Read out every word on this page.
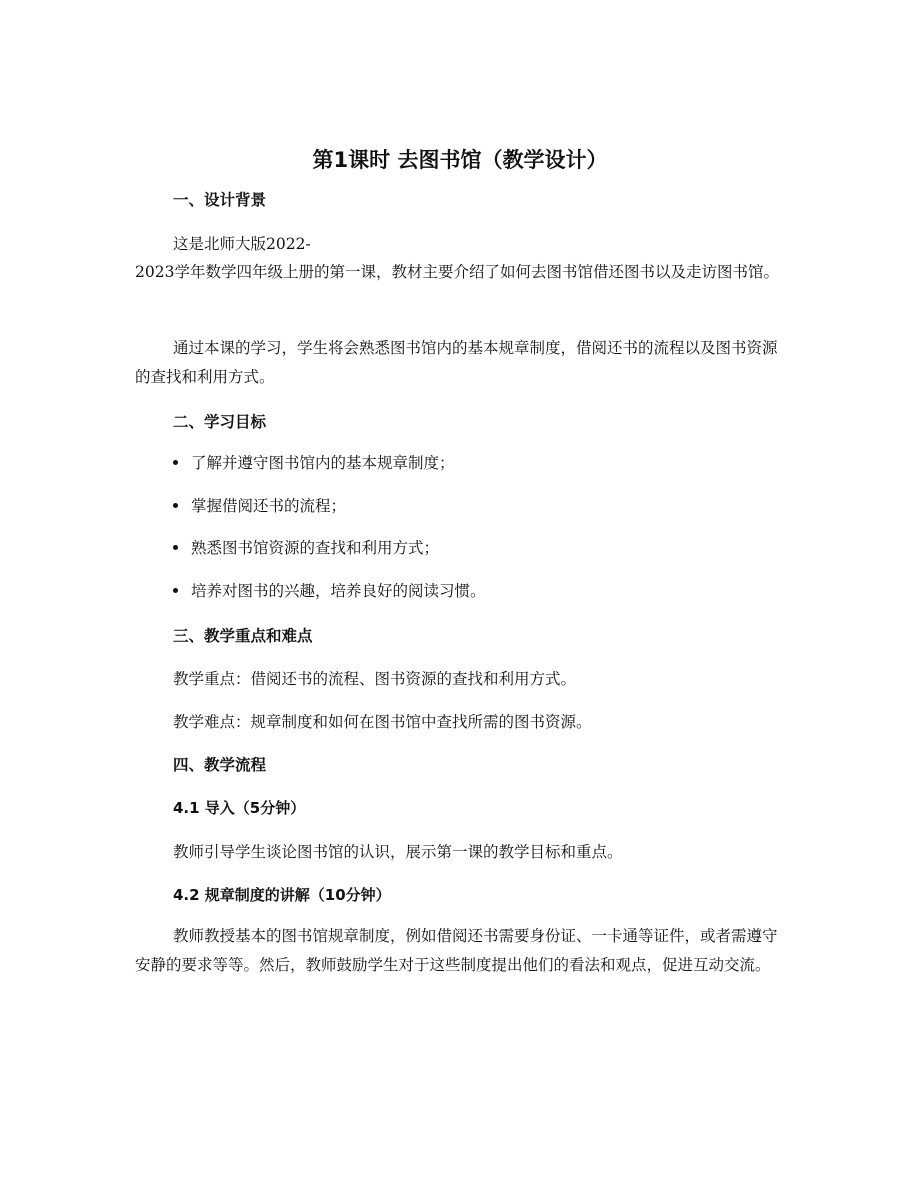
第1课时 去图书馆（教学设计）
一、设计背景

这是北师大版2022-

2023学年数学四年级上册的第一课，教材主要介绍了如何去图书馆借还图书以及走访图书馆。

通过本课的学习，学生将会熟悉图书馆内的基本规章制度，借阅还书的流程以及图书资源的查找和利用方式。

二、学习目标
了解并遵守图书馆内的基本规章制度；
掌握借阅还书的流程；
熟悉图书馆资源的查找和利用方式；
培养对图书的兴趣，培养良好的阅读习惯。
三、教学重点和难点

教学重点：借阅还书的流程、图书资源的查找和利用方式。

教学难点：规章制度和如何在图书馆中查找所需的图书资源。

四、教学流程
4.1 导入（5分钟）

教师引导学生谈论图书馆的认识，展示第一课的教学目标和重点。

4.2 规章制度的讲解（10分钟）

教师教授基本的图书馆规章制度，例如借阅还书需要身份证、一卡通等证件，或者需遵守安静的要求等等。然后，教师鼓励学生对于这些制度提出他们的看法和观点，促进互动交流。
